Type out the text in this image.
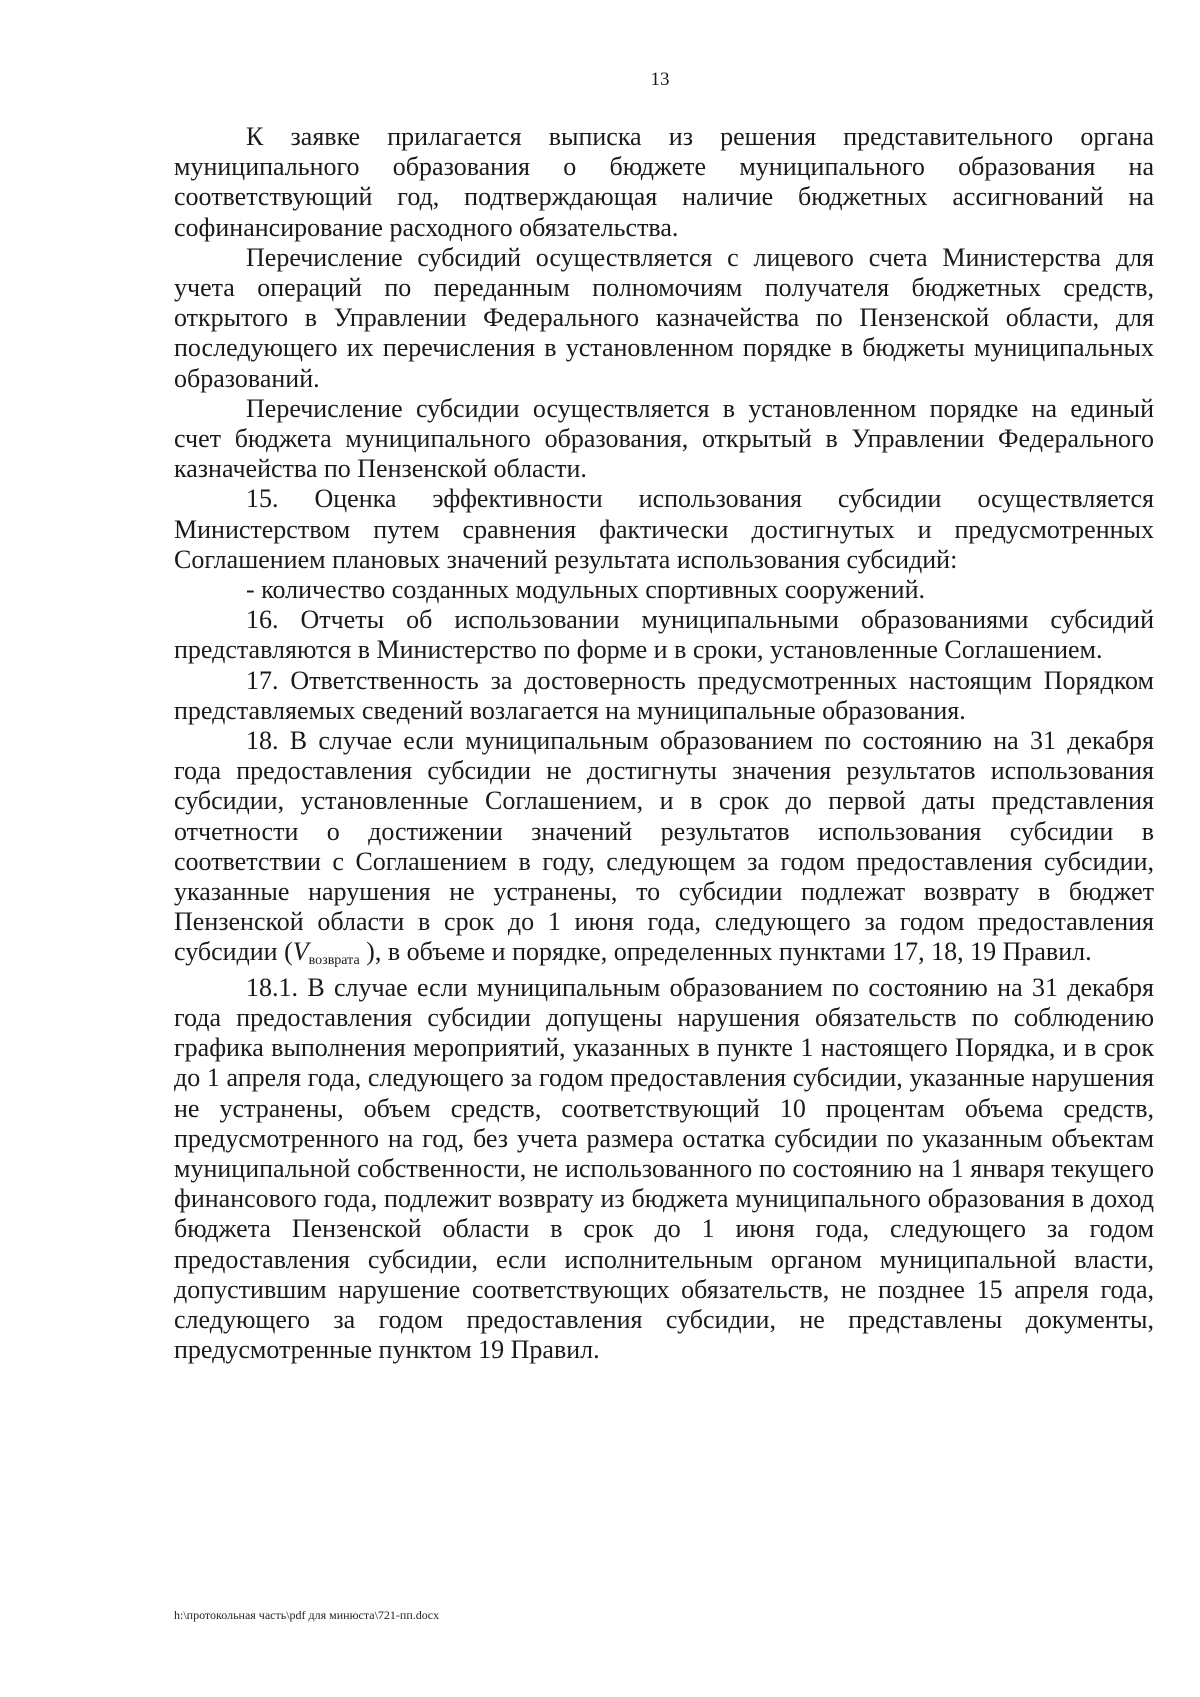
13

К заявке прилагается выписка из решения представительного органа муниципального образования о бюджете муниципального образования на соответствующий год, подтверждающая наличие бюджетных ассигнований на софинансирование расходного обязательства.

Перечисление субсидий осуществляется с лицевого счета Министерства для учета операций по переданным полномочиям получателя бюджетных средств, открытого в Управлении Федерального казначейства по Пензенской области, для последующего их перечисления в установленном порядке в бюджеты муниципальных образований.

Перечисление субсидии осуществляется в установленном порядке на единый счет бюджета муниципального образования, открытый в Управлении Федерального казначейства по Пензенской области.

15. Оценка эффективности использования субсидии осуществляется Министерством путем сравнения фактически достигнутых и предусмотренных Соглашением плановых значений результата использования субсидий:

- количество созданных модульных спортивных сооружений.

16. Отчеты об использовании муниципальными образованиями субсидий представляются в Министерство по форме и в сроки, установленные Соглашением.

17. Ответственность за достоверность предусмотренных настоящим Порядком представляемых сведений возлагается на муниципальные образования.

18. В случае если муниципальным образованием по состоянию на 31 декабря года предоставления субсидии не достигнуты значения результатов использования субсидии, установленные Соглашением, и в срок до первой даты представления отчетности о достижении значений результатов использования субсидии в соответствии с Соглашением в году, следующем за годом предоставления субсидии, указанные нарушения не устранены, то субсидии подлежат возврату в бюджет Пензенской области в срок до 1 июня года, следующего за годом предоставления субсидии (Vвозврата ), в объеме и порядке, определенных пунктами 17, 18, 19 Правил.

18.1. В случае если муниципальным образованием по состоянию на 31 декабря года предоставления субсидии допущены нарушения обязательств по соблюдению графика выполнения мероприятий, указанных в пункте 1 настоящего Порядка, и в срок до 1 апреля года, следующего за годом предоставления субсидии, указанные нарушения не устранены, объем средств, соответствующий 10 процентам объема средств, предусмотренного на год, без учета размера остатка субсидии по указанным объектам муниципальной собственности, не использованного по состоянию на 1 января текущего финансового года, подлежит возврату из бюджета муниципального образования в доход бюджета Пензенской области в срок до 1 июня года, следующего за годом предоставления субсидии, если исполнительным органом муниципальной власти, допустившим нарушение соответствующих обязательств, не позднее 15 апреля года, следующего за годом предоставления субсидии, не представлены документы, предусмотренные пунктом 19 Правил.

h:\протокольная часть\pdf для минюста\721-пп.docx
